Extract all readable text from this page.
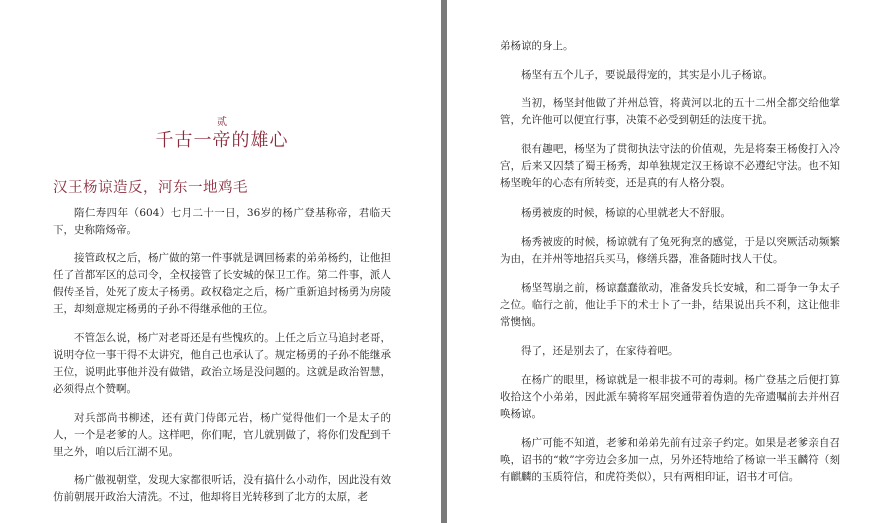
贰
千古一帝的雄心
汉王杨谅造反，河东一地鸡毛

隋仁寿四年（604）七月二十一日，36岁的杨广登基称帝，君临天下，史称隋炀帝。

接管政权之后，杨广做的第一件事就是调回杨素的弟弟杨约，让他担任了首都军区的总司令，全权接管了长安城的保卫工作。第二件事，派人假传圣旨，处死了废太子杨勇。政权稳定之后，杨广重新追封杨勇为房陵王，却刻意规定杨勇的子孙不得继承他的王位。

不管怎么说，杨广对老哥还是有些愧疚的。上任之后立马追封老哥，说明夺位一事干得不太讲究，他自己也承认了。规定杨勇的子孙不能继承王位，说明此事他并没有做错，政治立场是没问题的。这就是政治智慧，必须得点个赞啊。

对兵部尚书柳述，还有黄门侍郎元岩，杨广觉得他们一个是太子的人，一个是老爹的人。这样吧，你们呢，官儿就别做了，将你们发配到千里之外，咱以后江湖不见。

杨广傲视朝堂，发现大家都很听话，没有搞什么小动作，因此没有效仿前朝展开政治大清洗。不过，他却将目光转移到了北方的太原，老

弟杨谅的身上。

杨坚有五个儿子，要说最得宠的，其实是小儿子杨谅。

当初，杨坚封他做了并州总管，将黄河以北的五十二州全都交给他掌管，允许他可以便宜行事，决策不必受到朝廷的法度干扰。

很有趣吧，杨坚为了贯彻执法守法的价值观，先是将秦王杨俊打入冷宫，后来又囚禁了蜀王杨秀，却单独规定汉王杨谅不必遵纪守法。也不知杨坚晚年的心态有所转变，还是真的有人格分裂。

杨勇被废的时候，杨谅的心里就老大不舒服。

杨秀被废的时候，杨谅就有了兔死狗烹的感觉，于是以突厥活动频繁为由，在并州等地招兵买马，修缮兵器，准备随时找人干仗。

杨坚驾崩之前，杨谅蠢蠢欲动，准备发兵长安城，和二哥争一争太子之位。临行之前，他让手下的术士卜了一卦，结果说出兵不利，这让他非常懊恼。

得了，还是别去了，在家待着吧。

在杨广的眼里，杨谅就是一根非拔不可的毒刺。杨广登基之后便打算收拾这个小弟弟，因此派车骑将军屈突通带着伪造的先帝遗嘱前去并州召唤杨谅。

杨广可能不知道，老爹和弟弟先前有过亲子约定。如果是老爹亲自召唤，诏书的“敕”字旁边会多加一点，另外还特地给了杨谅一半玉麟符（刻有麒麟的玉质符信，和虎符类似），只有两相印证，诏书才可信。
